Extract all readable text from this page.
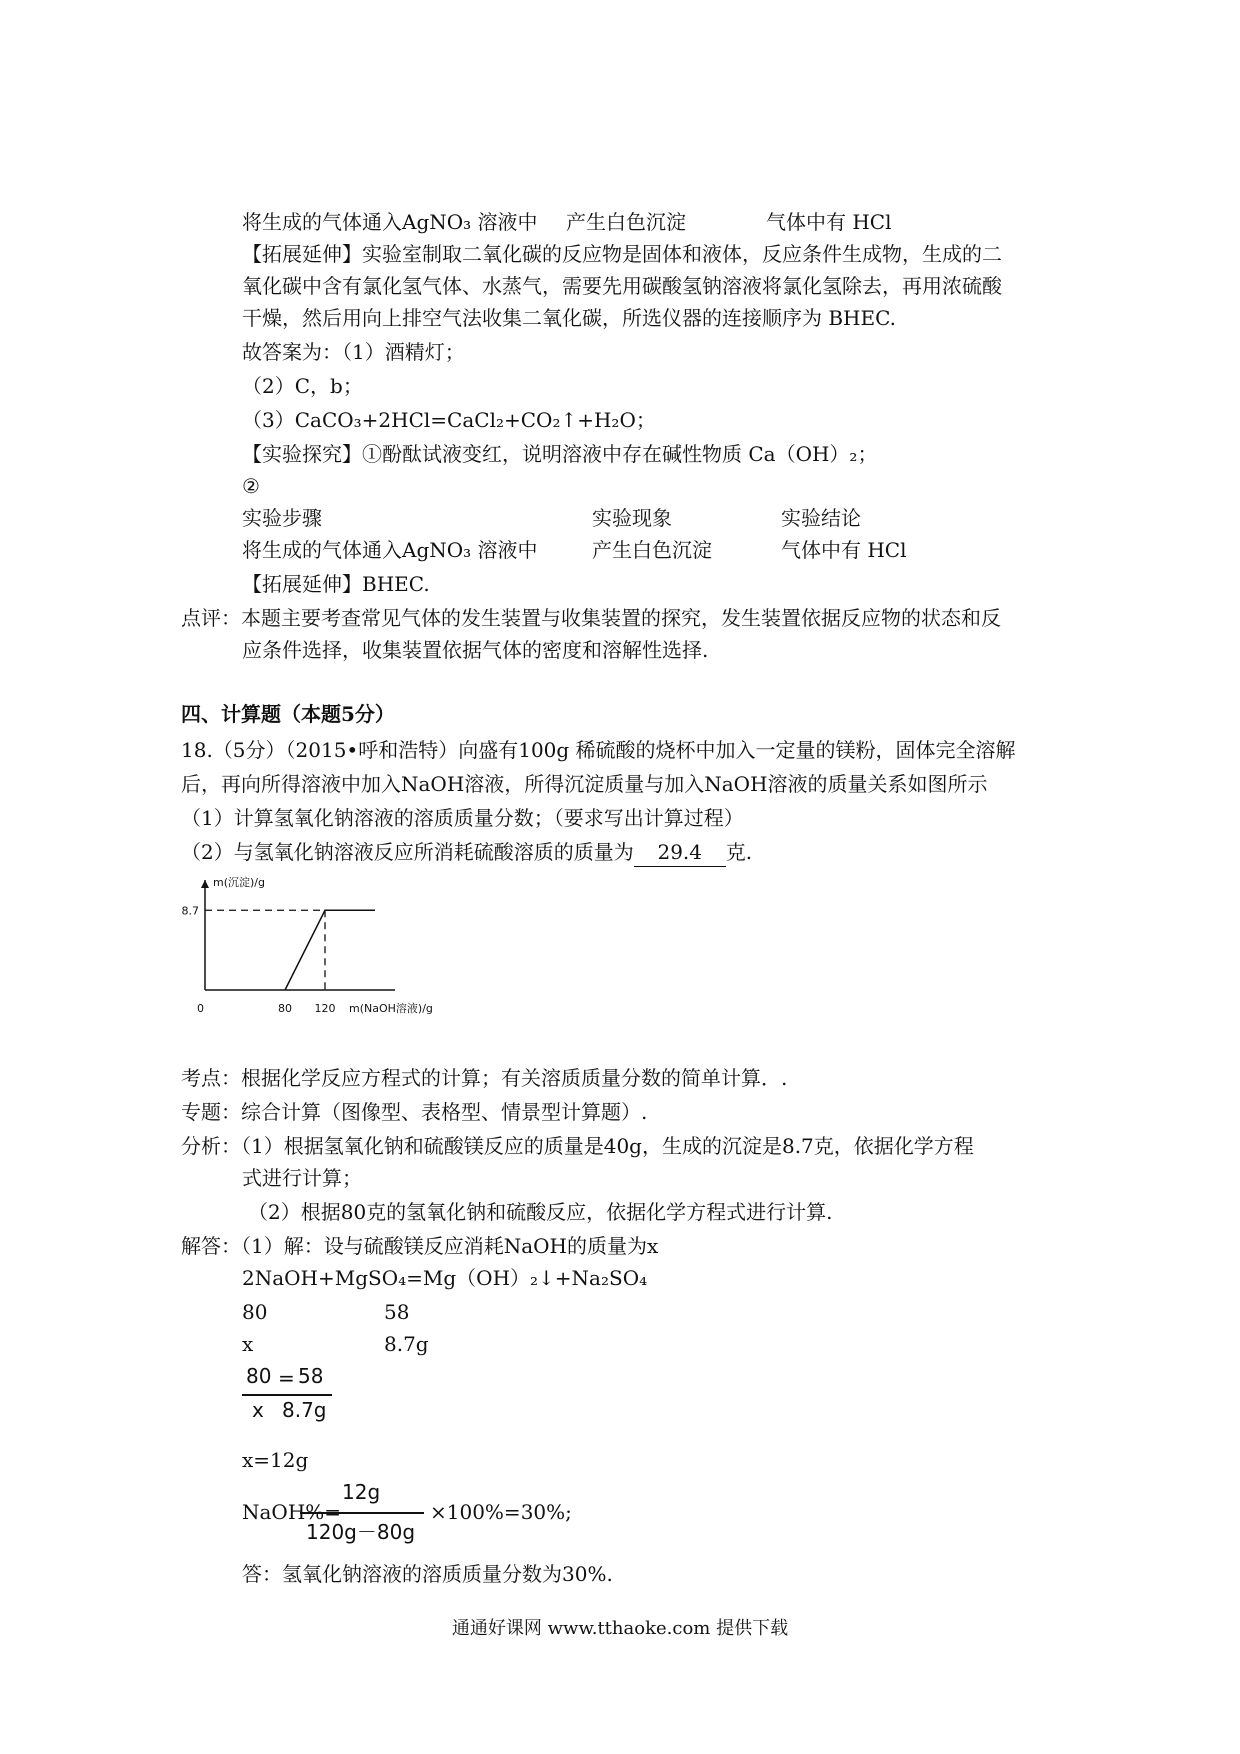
将生成的气体通入AgNO₃ 溶液中 产生白色沉淀	气体中有 HCl
【拓展延伸】实验室制取二氧化碳的反应物是固体和液体，反应条件生成物，生成的二
氧化碳中含有氯化氢气体、水蒸气，需要先用碳酸氢钠溶液将氯化氢除去，再用浓硫酸
干燥，然后用向上排空气法收集二氧化碳，所选仪器的连接顺序为 BHEC.
故答案为：（1）酒精灯；
（2）C，b；
（3）CaCO₃+2HCl=CaCl₂+CO₂↑+H₂O；
【实验探究】①酚酞试液变红，说明溶液中存在碱性物质 Ca（OH）₂；
②
实验步骤	实验现象	实验结论
将生成的气体通入AgNO₃ 溶液中	产生白色沉淀	气体中有 HCl
【拓展延伸】BHEC.
点评：本题主要考查常见气体的发生装置与收集装置的探究，发生装置依据反应物的状态和反
应条件选择，收集装置依据气体的密度和溶解性选择.
四、计算题（本题5分）
18.（5分）（2015•呼和浩特）向盛有100g 稀硫酸的烧杯中加入一定量的镁粉，固体完全溶解
后，再向所得溶液中加入NaOH溶液，所得沉淀质量与加入NaOH溶液的质量关系如图所示
（1）计算氢氧化钠溶液的溶质质量分数；（要求写出计算过程）
（2）与氢氧化钠溶液反应所消耗硫酸溶质的质量为 29.4 克.
m(沉淀)/g
m(NaOH溶液)/g
0	80 120
8.7
考点：根据化学反应方程式的计算；有关溶质质量分数的简单计算．.
专题：综合计算（图像型、表格型、情景型计算题）.
分析：（1）根据氢氧化钠和硫酸镁反应的质量是40g，生成的沉淀是8.7克，依据化学方程
式进行计算；
（2）根据80克的氢氧化钠和硫酸反应，依据化学方程式进行计算.
解答：（1）解：设与硫酸镁反应消耗NaOH的质量为x
2NaOH+MgSO₄=Mg（OH）₂↓+Na₂SO₄
80	58
x	8.7g
80 = 58
x 8.7g
x=12g
NaOH%=
12g
120g－80g
×100%=30%;
答：氢氧化钠溶液的溶质质量分数为30%.
通通好课网 www.tthaoke.com 提供下载
